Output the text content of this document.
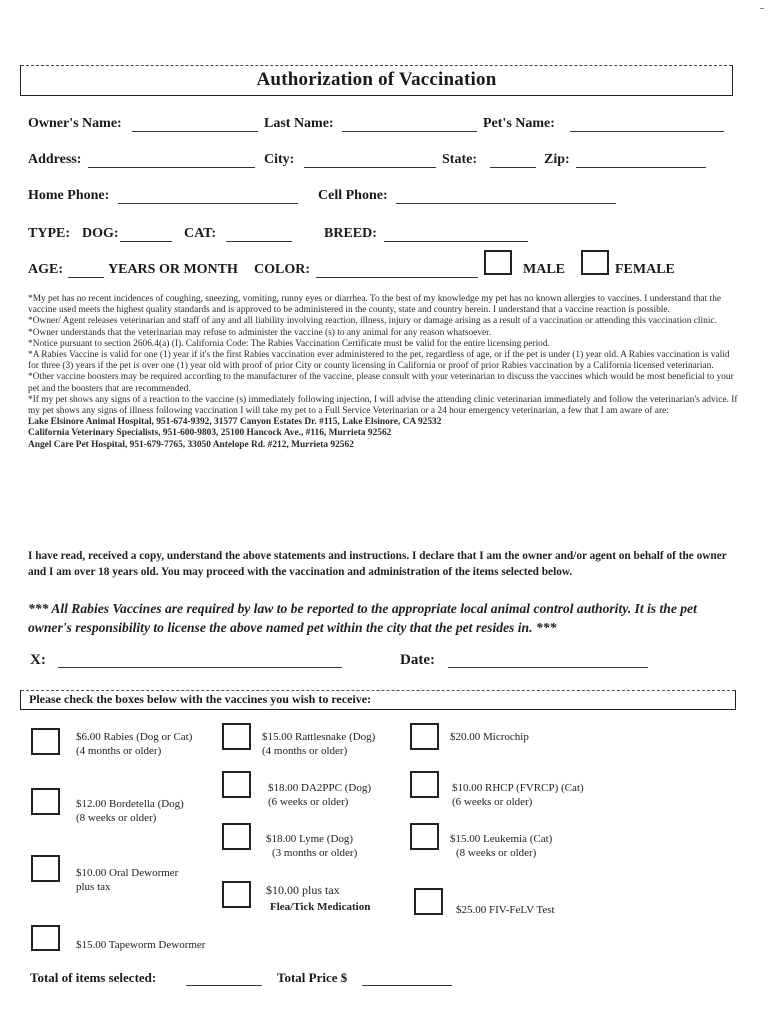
Authorization of Vaccination
Owner's Name:	Last Name:	Pet's Name:
Address:	City:	State:	Zip:
Home Phone:	Cell Phone:
TYPE: DOG:	CAT:	BREED:
AGE:	YEARS OR MONTH COLOR:	MALE	FEMALE

*My pet has no recent incidences of coughing, sneezing, vomiting, runny eyes or diarrhea. To the best of my knowledge my pet has no known allergies to vaccines. I understand that the vaccine used meets the highest quality standards and is approved to be administered in the county, state and country herein. I understand that a vaccine reaction is possible.

*Owner/ Agent releases veterinarian and staff of any and all liability involving reaction, illness, injury or damage arising as a result of a vaccination or attending this vaccination clinic.

*Owner understands that the veterinarian may refuse to administer the vaccine (s) to any animal for any reason whatsoever.

*Notice pursuant to section 2606.4(a) (I). California Code: The Rabies Vaccination Certificate must be valid for the entire licensing period.

*A Rabies Vaccine is valid for one (1) year if it's the first Rabies vaccination ever administered to the pet, regardless of age, or if the pet is under (1) year old. A Rabies vaccination is valid for three (3) years if the pet is over one (1) year old with proof of prior City or county licensing in California or proof of prior Rabies vaccination by a California licensed veterinarian.

*Other vaccine boosters may be required according to the manufacturer of the vaccine, please consult with your veterinarian to discuss the vaccines which would be most beneficial to your pet and the boosters that are recommended.

*If my pet shows any signs of a reaction to the vaccine (s) immediately following injection, I will advise the attending clinic veterinarian immediately and follow the veterinarian's advice. If my pet shows any signs of illness following vaccination I will take my pet to a Full Service Veterinarian or a 24 hour emergency veterinarian, a few that I am aware of are:

Lake Elsinore Animal Hospital, 951-674-9392, 31577 Canyon Estates Dr. #115, Lake Elsinore, CA 92532

California Veterinary Specialists, 951-600-9803, 25100 Hancock Ave., #116, Murrieta 92562

Angel Care Pet Hospital, 951-679-7765, 33050 Antelope Rd. #212, Murrieta 92562

I have read, received a copy, understand the above statements and instructions. I declare that I am the owner and/or agent on behalf of the owner and I am over 18 years old. You may proceed with the vaccination and administration of the items selected below.
*** All Rabies Vaccines are required by law to be reported to the appropriate local animal control authority. It is the pet owner's responsibility to license the above named pet within the city that the pet resides in. ***
X:	Date:
Please check the boxes below with the vaccines you wish to receive:
$6.00 Rabies (Dog or Cat)
(4 months or older)
$15.00 Rattlesnake (Dog)
(4 months or older)
$20.00 Microchip
$18.00 DA2PPC (Dog)
(6 weeks or older)
$10.00 RHCP (FVRCP) (Cat)
(6 weeks or older)
$12.00 Bordetella (Dog)
(8 weeks or older)
$18.00 Lyme (Dog)
(3 months or older)
$15.00 Leukemia (Cat)
(8 weeks or older)
$10.00 Oral Dewormer
plus tax	$10.00 plus tax
Flea/Tick Medication	$25.00 FIV-FeLV Test
$15.00 Tapeworm Dewormer
Total of items selected:	Total Price $
